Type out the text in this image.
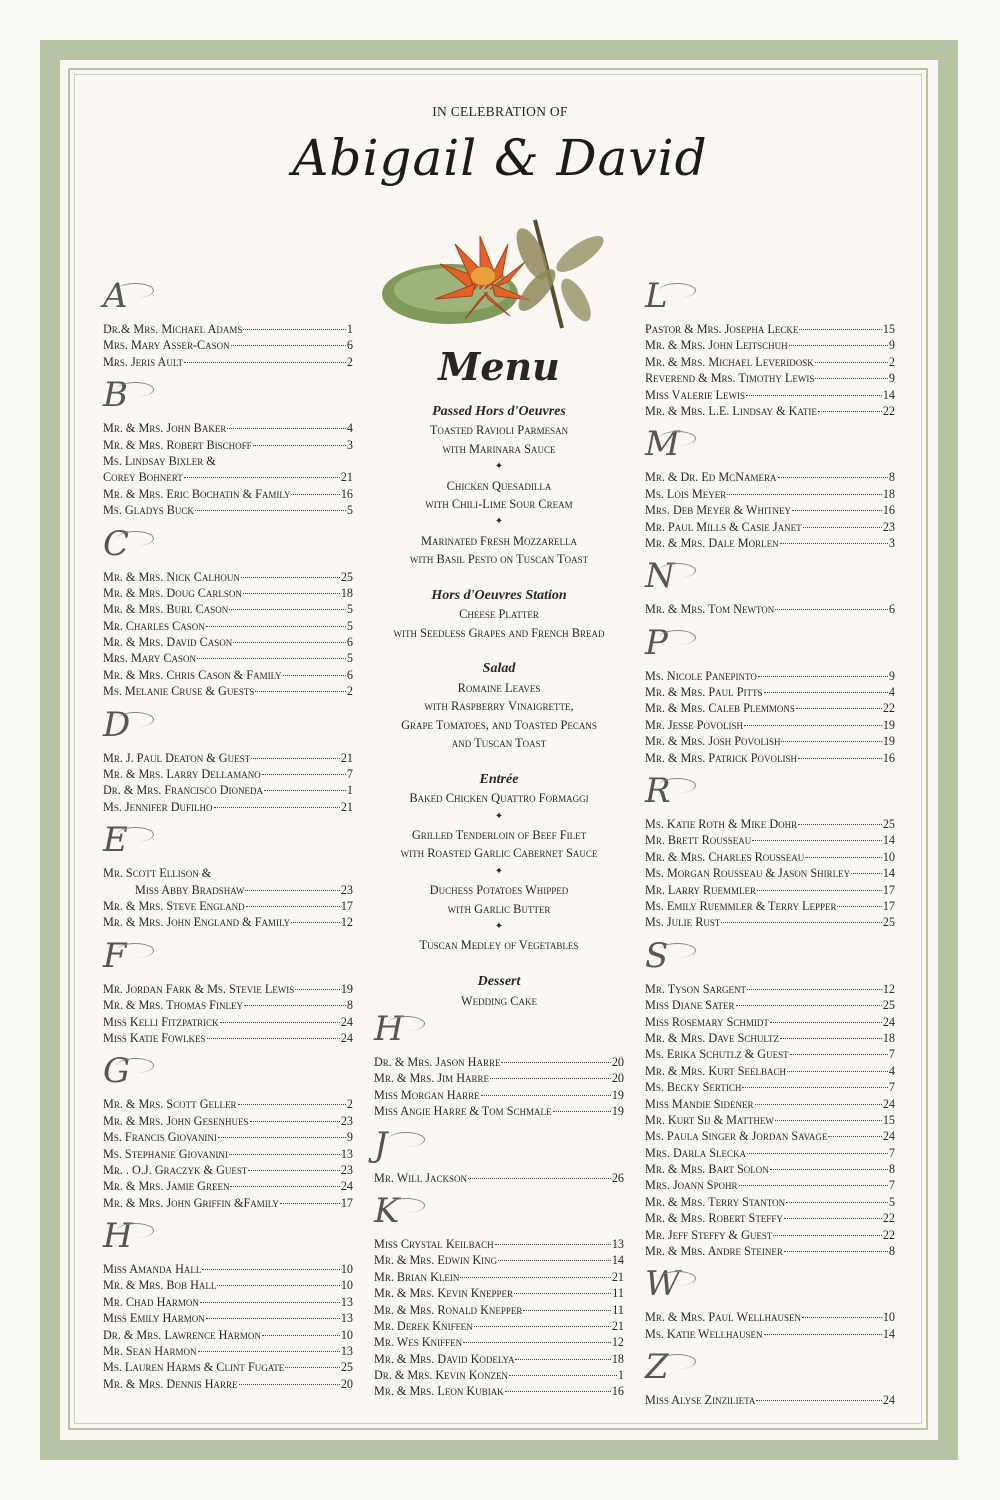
IN CELEBRATION OF
Abigail & David
Menu
Passed Hors d'Oeuvres
Toasted Ravioli Parmesan
with Marinara Sauce
✦
Chicken Quesadilla
with Chili-Lime Sour Cream
✦
Marinated Fresh Mozzarella
with Basil Pesto on Tuscan Toast
Hors d'Oeuvres Station
Cheese Platter
with Seedless Grapes and French Bread
Salad
Romaine Leaves
with Raspberry Vinaigrette,
Grape Tomatoes, and Toasted Pecans
and Tuscan Toast
Entrée
Baked Chicken Quattro Formaggi
✦
Grilled Tenderloin of Beef Filet
with Roasted Garlic Cabernet Sauce
✦
Duchess Potatoes Whipped
with Garlic Butter
✦
Tuscan Medley of Vegetables
Dessert
Wedding Cake
A
Dr.& Mrs. Michael Adams	1
Mrs. Mary Asser-Cason	6
Mrs. Jeris Ault	2
B
Mr. & Mrs. John Baker	4
Mr. & Mrs. Robert Bischoff	3
Ms. Lindsay Bixler &
Corey Bohnert	21
Mr. & Mrs. Eric Bochatin & Family	16
Ms. Gladys Buck	5
C
Mr. & Mrs. Nick Calhoun	25
Mr. & Mrs. Doug Carlson	18
Mr. & Mrs. Burl Cason	5
Mr. Charles Cason	5
Mr. & Mrs. David Cason	6
Mrs. Mary Cason	5
Mr. & Mrs. Chris Cason & Family	6
Ms. Melanie Cruse & Guests	2
D
Mr. J. Paul Deaton & Guest	21
Mr. & Mrs. Larry Dellamano	7
Dr. & Mrs. Francisco Dioneda	1
Ms. Jennifer Dufilho	21
E
Mr. Scott Ellison &
Miss Abby Bradshaw	23
Mr. & Mrs. Steve England	17
Mr. & Mrs. John England & Family	12
F
Mr. Jordan Fark & Ms. Stevie Lewis	19
Mr. & Mrs. Thomas Finley	8
Miss Kelli Fitzpatrick	24
Miss Katie Fowlkes	24
G
Mr. & Mrs. Scott Geller	2
Mr. & Mrs. John Gesenhues	23
Ms. Francis Giovanini	9
Ms. Stephanie Giovanini	13
Mr. . O.J. Graczyk & Guest	23
Mr. & Mrs. Jamie Green	24
Mr. & Mrs. John Griffin &Family	17
H
Miss Amanda Hall	10
Mr. & Mrs. Bob Hall	10
Mr. Chad Harmon	13
Miss Emily Harmon	13
Dr. & Mrs. Lawrence Harmon	10
Mr. Sean Harmon	13
Ms. Lauren Harms & Clint Fugate	25
Mr. & Mrs. Dennis Harre	20
H
Dr. & Mrs. Jason Harre	20
Mr. & Mrs. Jim Harre	20
Miss Morgan Harre	19
Miss Angie Harre & Tom Schmale	19
J
Mr. Will Jackson	26
K
Miss Crystal Keilbach	13
Mr. & Mrs. Edwin King	14
Mr. Brian Klein	21
Mr. & Mrs. Kevin Knepper	11
Mr. & Mrs. Ronald Knepper	11
Mr. Derek Kniffen	21
Mr. Wes Kniffen	12
Mr. & Mrs. David Kodelya	18
Dr. & Mrs. Kevin Konzen	1
Mr. & Mrs. Leon Kubiak	16
L
Pastor & Mrs. Josepha Lecke	15
Mr. & Mrs. John Leitschuh	9
Mr. & Mrs. Michael Leveridosk	2
Reverend & Mrs. Timothy Lewis	9
Miss Valerie Lewis	14
Mr. & Mrs. L.E. Lindsay & Katie	22
M
Mr. & Dr. Ed McNamera	8
Ms. Lois Meyer	18
Mrs. Deb Meyer & Whitney	16
Mr. Paul Mills & Casie Janet	23
Mr. & Mrs. Dale Morlen	3
N
Mr. & Mrs. Tom Newton	6
P
Ms. Nicole Panepinto	9
Mr. & Mrs. Paul Pitts	4
Mr. & Mrs. Caleb Plemmons	22
Mr. Jesse Povolish	19
Mr. & Mrs. Josh Povolish	19
Mr. & Mrs. Patrick Povolish	16
R
Ms. Katie Roth & Mike Dohr	25
Mr. Brett Rousseau	14
Mr. & Mrs. Charles Rousseau	10
Ms. Morgan Rousseau & Jason Shirley	14
Mr. Larry Ruemmler	17
Ms. Emily Ruemmler & Terry Lepper	17
Ms. Julie Rust	25
S
Mr. Tyson Sargent	12
Miss Diane Sater	25
Miss Rosemary Schmidt	24
Mr. & Mrs. Dave Schultz	18
Ms. Erika Schutlz & Guest	7
Mr. & Mrs. Kurt Seelbach	4
Ms. Becky Sertich	7
Miss Mandie Sidener	24
Mr. Kurt Sij & Matthew	15
Ms. Paula Singer & Jordan Savage	24
Mrs. Darla Slecka	7
Mr. & Mrs. Bart Solon	8
Mrs. Joann Spohr	7
Mr. & Mrs. Terry Stanton	5
Mr. & Mrs. Robert Steffy	22
Mr. Jeff Steffy & Guest	22
Mr. & Mrs. Andre Steiner	8
W
Mr. & Mrs. Paul Wellhausen	10
Ms. Katie Wellhausen	14
Z
Miss Alyse Zinzilieta	24
